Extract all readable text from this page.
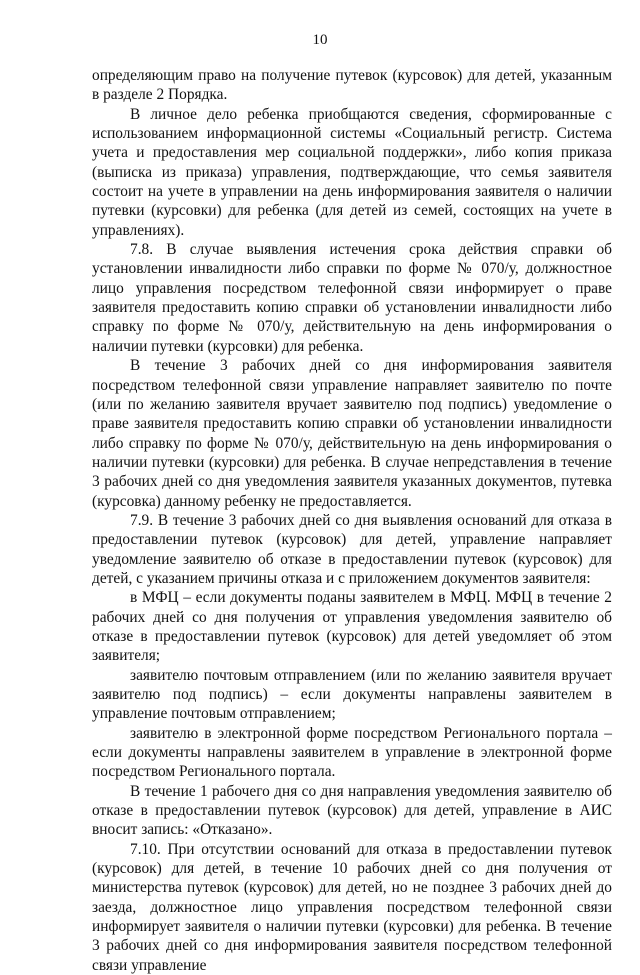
10

определяющим право на получение путевок (курсовок) для детей, указанным в разделе 2 Порядка.

В личное дело ребенка приобщаются сведения, сформированные с использованием информационной системы «Социальный регистр. Система учета и предоставления мер социальной поддержки», либо копия приказа (выписка из приказа) управления, подтверждающие, что семья заявителя состоит на учете в управлении на день информирования заявителя о наличии путевки (курсовки) для ребенка (для детей из семей, состоящих на учете в управлениях).

7.8. В случае выявления истечения срока действия справки об установлении инвалидности либо справки по форме № 070/у, должностное лицо управления посредством телефонной связи информирует о праве заявителя предоставить копию справки об установлении инвалидности либо справку по форме № 070/у, действительную на день информирования о наличии путевки (курсовки) для ребенка.

В течение 3 рабочих дней со дня информирования заявителя посредством телефонной связи управление направляет заявителю по почте (или по желанию заявителя вручает заявителю под подпись) уведомление о праве заявителя предоставить копию справки об установлении инвалидности либо справку по форме № 070/у, действительную на день информирования о наличии путевки (курсовки) для ребенка. В случае непредставления в течение 3 рабочих дней со дня уведомления заявителя указанных документов, путевка (курсовка) данному ребенку не предоставляется.

7.9. В течение 3 рабочих дней со дня выявления оснований для отказа в предоставлении путевок (курсовок) для детей, управление направляет уведомление заявителю об отказе в предоставлении путевок (курсовок) для детей, с указанием причины отказа и с приложением документов заявителя:

в МФЦ – если документы поданы заявителем в МФЦ. МФЦ в течение 2 рабочих дней со дня получения от управления уведомления заявителю об отказе в предоставлении путевок (курсовок) для детей уведомляет об этом заявителя;

заявителю почтовым отправлением (или по желанию заявителя вручает заявителю под подпись) – если документы направлены заявителем в управление почтовым отправлением;

заявителю в электронной форме посредством Регионального портала – если документы направлены заявителем в управление в электронной форме посредством Регионального портала.

В течение 1 рабочего дня со дня направления уведомления заявителю об отказе в предоставлении путевок (курсовок) для детей, управление в АИС вносит запись: «Отказано».

7.10. При отсутствии оснований для отказа в предоставлении путевок (курсовок) для детей, в течение 10 рабочих дней со дня получения от министерства путевок (курсовок) для детей, но не позднее 3 рабочих дней до заезда, должностное лицо управления посредством телефонной связи информирует заявителя о наличии путевки (курсовки) для ребенка. В течение 3 рабочих дней со дня информирования заявителя посредством телефонной связи управление
